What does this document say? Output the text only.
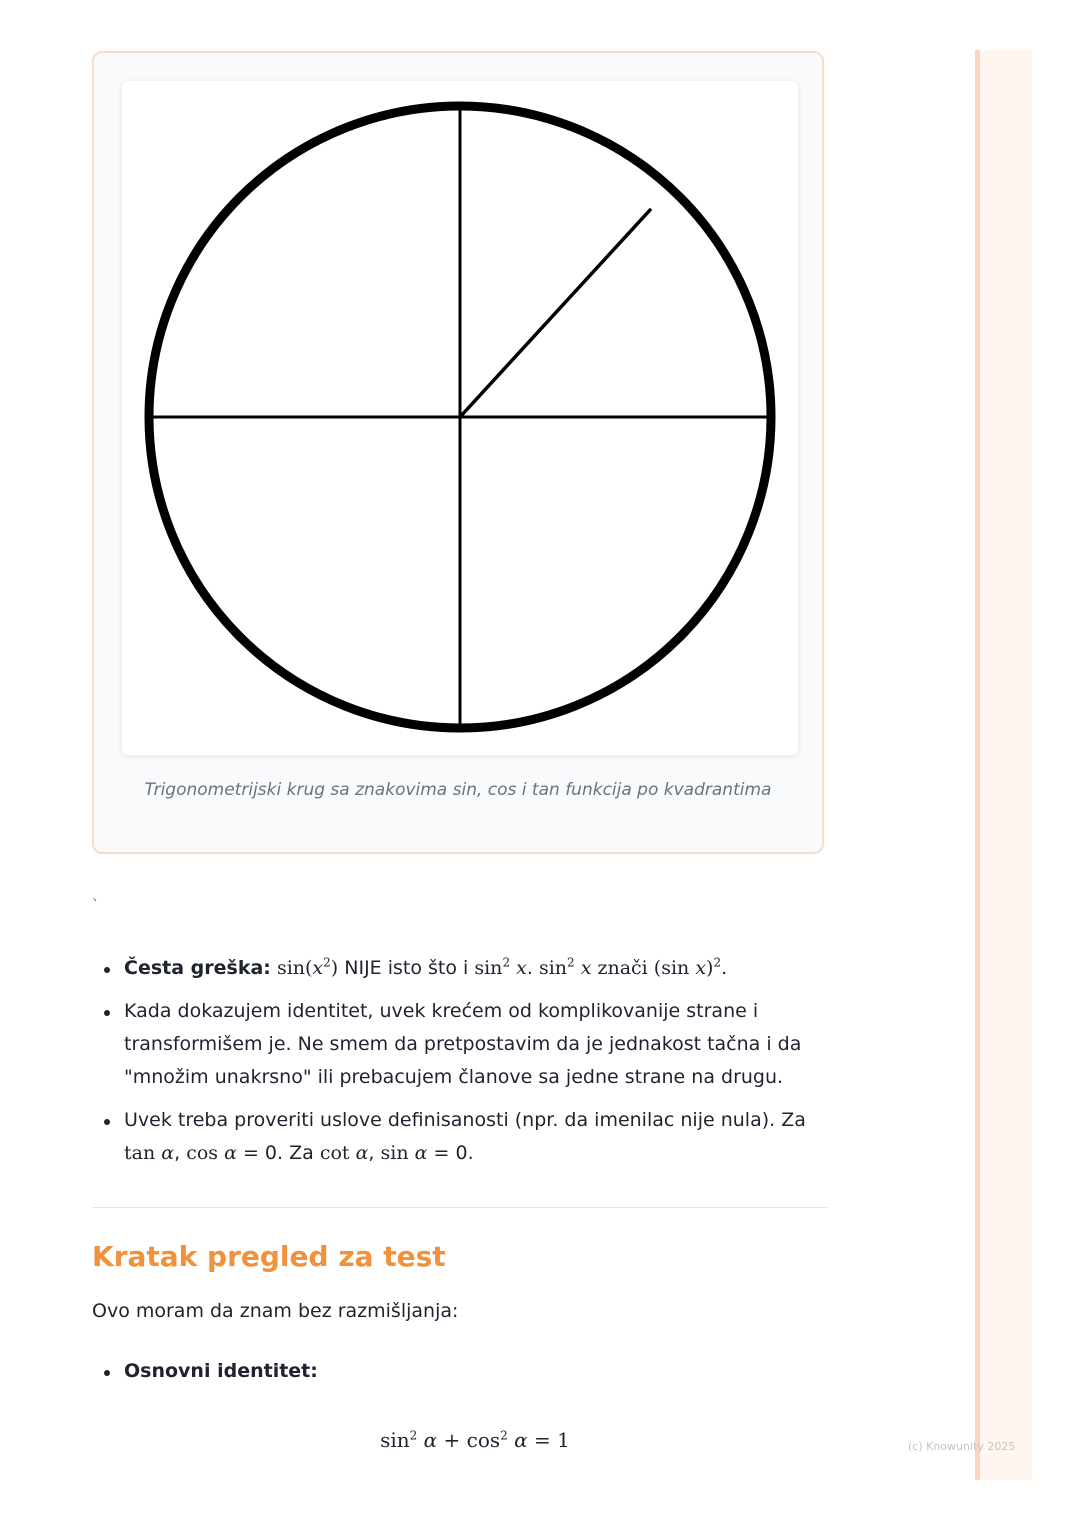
Trigonometrijski krug sa znakovima sin, cos i tan funkcija po kvadrantima
`
Česta greška: $\sin(x^2)$ NIJE isto što i $\sin^2 x$. $\sin^2 x$ znači (sin x)$^2$.
Kada dokazujem identitet, uvek krećem od komplikovanije strane i transformišem je. Ne smem da pretpostavim da je jednakost tačna i da "množim unakrsno" ili prebacujem članove sa jedne strane na drugu.
Uvek treba proveriti uslove definisanosti (npr. da imenilac nije nula). Za tan α, cos α = 0. Za cot α, sin α = 0.
Kratak pregled za test
Ovo moram da znam bez razmišljanja:
Osnovni identitet:
$\sin^2 \alpha + \cos^2 \alpha = 1$	(c) Knowunity 2025
